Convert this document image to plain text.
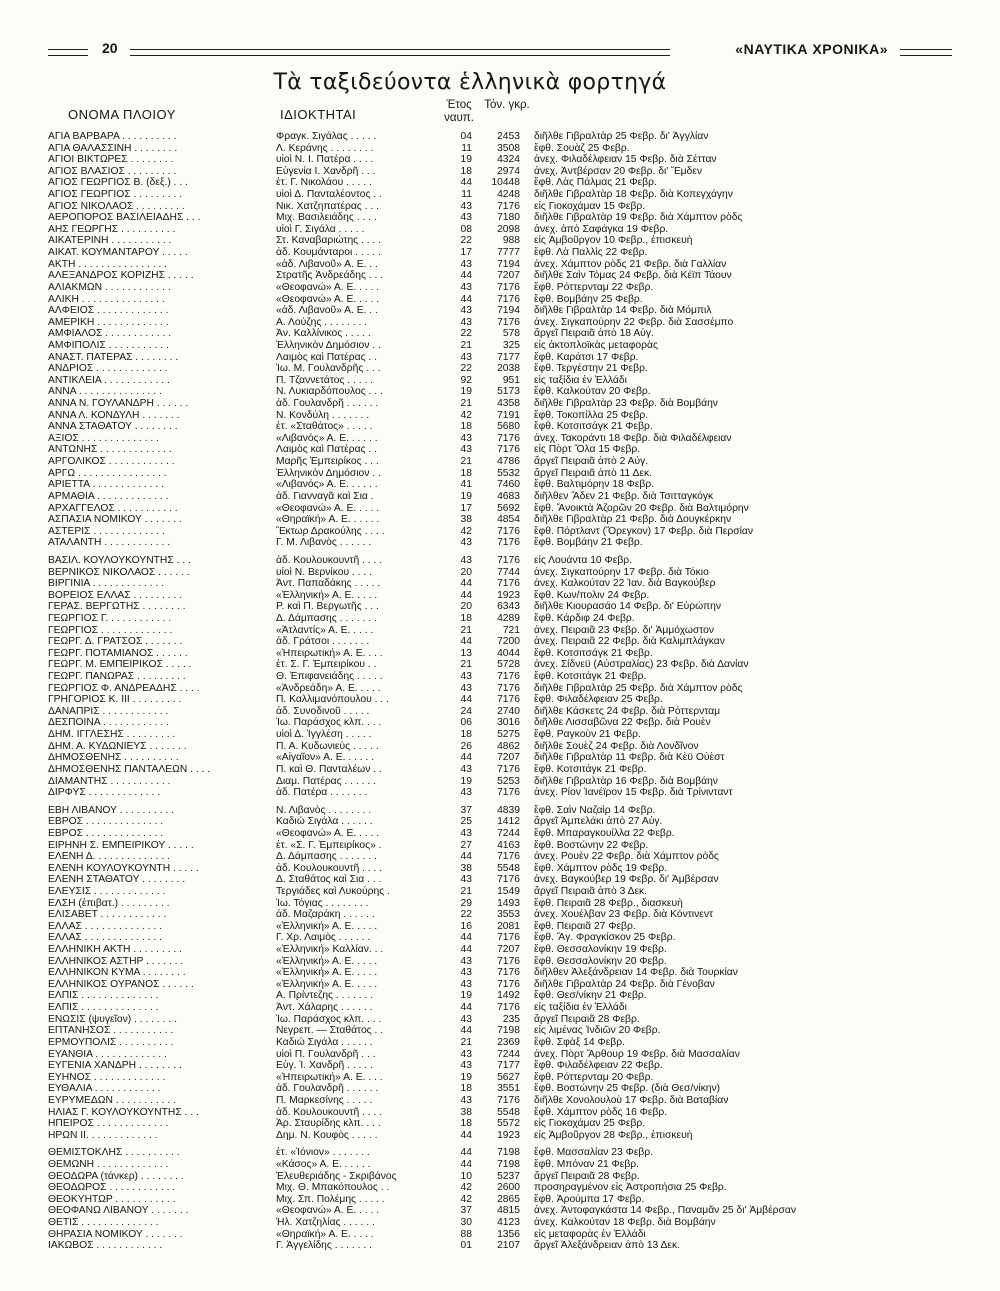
20	«ΝΑΥΤΙΚΑ ΧΡΟΝΙΚΑ»
Τὰ ταξιδεύοντα ἑλληνικὰ φορτηγά
ΟΝΟΜΑ ΠΛΟΙΟΥ	ΙΔΙΟΚΤΗΤΑΙ
Έτος ναυπ.
Τόν. γκρ.
ΑΓΙΑ ΒΑΡΒΑΡΑ . . . . . . . . . .	Φραγκ. Σιγάλας . . . . .	04	2453 διῆλθε Γιβραλτὰρ 25 Φεβρ. δι' Ἀγγλίαν
ΑΓΙΑ ΘΑΛΑΣΣΙΝΗ . . . . . . . .	Λ. Κεράνης . . . . . . . .	11	3508 ἔφθ. Σουὰζ 25 Φεβρ.
ΑΓΙΟΙ ΒΙΚΤΩΡΕΣ . . . . . . . .	υἱοὶ Ν. Ι. Πατέρα . . . .	19	4324 ἀνεχ. Φιλαδέλφειαν 15 Φεβρ. διὰ Σέτταν
ΑΓΙΟΣ ΒΛΑΣΙΟΣ . . . . . . . . .	Εὐγενία Ι. Χανδρῆ . . .	18	2974 ἀνεχ. Ἀντβέρσαν 20 Φεβρ. δι' Ἔμδεν
ΑΓΙΟΣ ΓΕΩΡΓΙΟΣ Β. (δεξ.) . . .	ἑτ. Γ. Νικολάου . . . . .	44	10448 ἔφθ. Λὰς Πάλμας 21 Φεβρ.
ΑΓΙΟΣ ΓΕΩΡΓΙΟΣ . . . . . . . . .	υἱοὶ Δ. Πανταλέοντος . .	11	4248 διῆλθε Γιβραλτὰρ 18 Φεβρ. διὰ Κοπεγχάγην
ΑΓΙΟΣ ΝΙΚΟΛΑΟΣ . . . . . . . . .	Νικ. Χατζηπατέρας . . .	43	7176 εἰς Γιοκοχάμαν 15 Φεβρ.
ΑΕΡΟΠΟΡΟΣ ΒΑΣΙΛΕΙΑΔΗΣ . . .	Μιχ. Βασιλειάδης . . . .	43	7180 διῆλθε Γιβραλτὰρ 19 Φεβρ. διὰ Χάμπτον ρὸδς
ΑΗΣ ΓΕΩΡΓΗΣ . . . . . . . . . .	υἱοὶ Γ. Σιγάλα . . . . .	08	2098 ἀνεχ. ἀπὸ Σαφάγκα 19 Φεβρ.
ΑΙΚΑΤΕΡΙΝΗ . . . . . . . . . . .	Στ. Καναβαριώτης . . . .	22	988 εἰς Ἀμβοῦργον 10 Φεβρ., ἐπισκευὴ
ΑΙΚΑΤ. ΚΟΥΜΑΝΤΑΡΟΥ . . . . .	ἀδ. Κουμάνταροι . . . . .	17	7777 ἔφθ. Λὰ Παλλὶς 22 Φεβρ.
ΑΚΤΗ . . . . . . . . . . . . . . . .	«ἀδ. Λιβανοῦ» Α. Ε. . .	43	7194 ἀνεχ. Χάμπτον ρὸδς 21 Φεβρ. διὰ Γαλλίαν
ΑΛΕΞΑΝΔΡΟΣ ΚΟΡΙΖΗΣ . . . . .	Στρατῆς Ἀνδρεάδης . . .	44	7207 διῆλθε Σαὶν Τόμας 24 Φεβρ. διὰ Κέϊπ Τάουν
ΑΛΙΑΚΜΩΝ . . . . . . . . . . . .	«Θεοφανώ» Α. Ε. . . . .	43	7176 ἔφθ. Ρόττερνταμ 22 Φεβρ.
ΑΛΙΚΗ . . . . . . . . . . . . . . .	«Θεοφανώ» Α. Ε. . . . .	44	7176 ἔφθ. Βομβάην 25 Φεβρ.
ΑΛΦΕΙΟΣ . . . . . . . . . . . . .	«ἀδ. Λιβανοῦ» Α. Ε. . .	43	7194 διῆλθε Γιβραλτὰρ 14 Φεβρ. διὰ Μόμπιλ
ΑΜΕΡΙΚΗ . . . . . . . . . . . . .	Α. Λούζης . . . . . . . .	43	7176 ἀνεχ. Σιγκαπούρην 22 Φεβρ. διὰ Σασσέμπο
ΑΜΦΙΑΛΟΣ . . . . . . . . . . . .	Ἀν. Καλλίνικος . . . . .	22	578 ἄργεῖ Πειραιᾶ ἀπὸ 18 Αὐγ.
ΑΜΦΙΠΟΛΙΣ . . . . . . . . . . .	Ἑλληνικὸν Δημόσιον . .	21	325 εἰς ἀκτοπλοϊκὰς μεταφορὰς
ΑΝΑΣΤ. ΠΑΤΕΡΑΣ . . . . . . . .	Λαιμὸς καὶ Πατέρας . .	43	7177 ἔφθ. Καράτσι 17 Φεβρ.
ΑΝΔΡΙΟΣ . . . . . . . . . . . . .	Ἰω. Μ. Γουλανδρῆς . . .	22	2038 ἔφθ. Τεργέστην 21 Φεβρ.
ΑΝΤΙΚΛΕΙΑ . . . . . . . . . . . .	Π. Τζαννετάτος . . . . .	92	951 εἰς ταξίδια ἐν Ἑλλάδι
ΑΝΝΑ . . . . . . . . . . . . . . .	Ν. Λυκιαρδόπουλος . . .	19	5173 ἔφθ. Καλκούταν 20 Φεβρ.
ΑΝΝΑ Ν. ΓΟΥΛΑΝΔΡΗ . . . . . .	ἀδ. Γουλανδρῆ . . . . . .	21	4358 διῆλθε Γιβραλτὰρ 23 Φεβρ. διὰ Βομβάην
ΑΝΝΑ Λ. ΚΟΝΔΥΛΗ . . . . . . .	Ν. Κονδύλη . . . . . . .	42	7191 ἔφθ. Τοκοπίλλα 25 Φεβρ.
ΑΝΝΑ ΣΤΑΘΑΤΟΥ . . . . . . . .	ἑτ. «Σταθάτος» . . . . .	18	5680 ἔφθ. Κοτσιτσάγκ 21 Φεβρ.
ΑΞΙΟΣ . . . . . . . . . . . . . .	«Λιβανός» Α. Ε. . . . . .	43	7176 ἀνεχ. Τακοράντι 18 Φεβρ. διὰ Φιλαδέλφειαν
ΑΝΤΩΝΗΣ . . . . . . . . . . . . .	Λαιμὸς καὶ Πατέρας . .	43	7176 εἰς Πὸρτ Ὅλα 15 Φεβρ.
ΑΡΓΟΛΙΚΟΣ . . . . . . . . . . . .	Μαρῆς Ἐμπειρίκος . . .	21	4786 ἄργεῖ Πειραιᾶ ἀπὸ 2 Αὐγ.
ΑΡΓΩ . . . . . . . . . . . . . . . .	Ἑλληνικὸν Δημόσιον . .	18	5532 ἄργεῖ Πειραιᾶ ἀπὸ 11 Δεκ.
ΑΡΙΕΤΤΑ . . . . . . . . . . . . .	«Λιβανός» Α. Ε. . . . . .	41	7460 ἔφθ. Βαλτιμόρην 18 Φεβρ.
ΑΡΜΑΘΙΑ . . . . . . . . . . . . .	ἀδ. Γιανναγᾶ καὶ Σια .	19	4683 διῆλθεν Ἄδεν 21 Φεβρ. διὰ Τσιτταγκόγκ
ΑΡΧΑΓΓΕΛΟΣ . . . . . . . . . . .	«Θεοφανώ» Α. Ε. . . . .	17	5692 ἔφθ. Ἄνοικτὰ Ἀζορῶν 20 Φεβρ. διὰ Βαλτιμόρην
ΑΣΠΑΣΙΑ ΝΟΜΙΚΟΥ . . . . . . .	«Θηραϊκή» Α. Ε. . . . . .	38	4854 διῆλθε Γιβραλτὰρ 21 Φεβρ. διὰ Δουγκέρκην
ΑΣΤΕΡΙΣ . . . . . . . . . . . . .	Ἕκτωρ Δρακούλης . . . .	42	7176 ἔφθ. Πόρτλαντ (Ὄρεγκον) 17 Φεβρ. διὰ Περσίαν
ΑΤΑΛΑΝΤΗ . . . . . . . . . . . .	Γ. Μ. Λιβανὸς . . . . . .	43	7176 ἔφθ. Βομβάην 21 Φεβρ.
ΒΑΣΙΛ. ΚΟΥΛΟΥΚΟΥΝΤΗΣ . . .	ἀδ. Κουλουκουντῆ . . . .	43	7176 εἰς Λουάντα 10 Φεβρ.
ΒΕΡΝΙΚΟΣ ΝΙΚΟΛΑΟΣ . . . . . .	υἱοὶ Ν. Βερνίκου . . . .	20	7744 ἀνεχ. Σιγκαπούρην 17 Φεβρ. διὰ Τόκιο
ΒΙΡΓΙΝΙΑ . . . . . . . . . . . . .	Ἀντ. Παπαδάκης . . . . .	44	7176 ἀνεχ. Καλκούταν 22 Ἰαν. διὰ Βαγκούβερ
ΒΟΡΕΙΟΣ ΕΛΛΑΣ . . . . . . . . .	«Ἑλληνική» Α. Ε. . . . .	44	1923 ἔφθ. Κων/πολιν 24 Φεβρ.
ΓΕΡΑΣ. ΒΕΡΓΩΤΗΣ . . . . . . . .	Ρ. καὶ Π. Βεργωτῆς . . .	20	6343 διῆλθε Κιουρασάο 14 Φεβρ. δι' Εὐρώπην
ΓΕΩΡΓΙΟΣ Γ. . . . . . . . . . . .	Δ. Δάμπασης . . . . . . .	18	4289 ἔφθ. Κάρδιφ 24 Φεβρ.
ΓΕΩΡΓΙΟΣ . . . . . . . . . . . . .	«Ἀτλαντίς» Α. Ε. . . . .	21	721 ἀνεχ. Πειραιᾶ 23 Φεβρ. δι' Ἀμμόχωστον
ΓΕΩΡΓ. Δ. ΓΡΑΤΣΟΣ . . . . . . .	ἀδ. Γράτσοι . . . . . . .	44	7200 ἀνεχ. Πειραιᾶ 22 Φεβρ. διὰ Καλιμπλάγκαν
ΓΕΩΡΓ. ΠΟΤΑΜΙΑΝΟΣ . . . . . .	«Ἠπειρωτική» Α. Ε. . . .	13	4044 ἔφθ. Κοτσιτσάγκ 21 Φεβρ.
ΓΕΩΡΓ. Μ. ΕΜΠΕΙΡΙΚΟΣ . . . . .	ἑτ. Σ. Γ. Ἐμπειρίκου . .	21	5728 ἀνεχ. Σίδνεϋ (Αὐστραλίας) 23 Φεβρ. διὰ Δανίαν
ΓΕΩΡΓ. ΠΑΝΩΡΑΣ . . . . . . . . .	Θ. Ἐπιφανειάδης . . . . .	43	7176 ἔφθ. Κοτσιτάγκ 21 Φεβρ.
ΓΕΩΡΓΙΟΣ Φ. ΑΝΔΡΕΑΔΗΣ . . . .	«Ἀνδρεάδη» Α. Ε. . . . .	43	7176 διῆλθε Γιβραλτὰρ 25 Φεβρ. διὰ Χάμπτον ρὸδς
ΓΡΗΓΟΡΙΟΣ Κ. ΙΙΙ . . . . . . . . .	Π. Καλλιμανόπουλου . . .	44	7176 ἔφθ. Φιλαδέλφειαν 25 Φεβρ.
ΔΑΝΑΠΡΙΣ . . . . . . . . . . . .	ἀδ. Συνοδινοῦ . . . . .	24	2740 διῆλθε Κάσκετς 24 Φεβρ. διὰ Ρόττερνταμ
ΔΕΣΠΟΙΝΑ . . . . . . . . . . . .	Ἰω. Παράσχος κλπ. . . .	06	3016 διῆλθε Λισσαβῶνα 22 Φεβρ. διὰ Ρουὲν
ΔΗΜ. ΙΓΓΛΕΣΗΣ . . . . . . . . .	υἱοὶ Δ. Ἰγγλέση . . . . .	18	5275 ἔφθ. Ραγκοὺν 21 Φεβρ.
ΔΗΜ. Α. ΚΥΔΩΝΙΕΥΣ . . . . . . .	Π. Α. Κυδωνιεὺς . . . . .	26	4862 διῆλθε Σουὲζ 24 Φεβρ. διὰ Λονδῖνον
ΔΗΜΟΣΘΕΝΗΣ . . . . . . . . . .	«Αἰγαῖον» Α. Ε. . . . . .	44	7207 διῆλθε Γιβραλτὰρ 11 Φεβρ. διὰ Κὲϋ Οὐὲστ
ΔΗΜΟΣΘΕΝΗΣ ΠΑΝΤΑΛΕΩΝ . . . .	Π. καὶ Θ. Πανταλέων . .	43	7176 ἔφθ. Κοτσιτάγκ 21 Φεβρ.
ΔΙΑΜΑΝΤΗΣ . . . . . . . . . . .	Διαμ. Πατέρας . . . . . .	19	5253 διῆλθε Γιβραλτὰρ 16 Φεβρ. διὰ Βομβάην
ΔΙΡΦΥΣ . . . . . . . . . . . . .	ἀδ. Πατέρα . . . . . . .	43	7176 ἀνεχ. Ρίον Ἰανέϊρον 15 Φεβρ. διὰ Τρίνινταντ
ΕΒΗ ΛΙΒΑΝΟΥ . . . . . . . . . .	Ν. Λιβανὸς . . . . . . . .	37	4839 ἔφθ. Σαὶν Ναζαὶρ 14 Φεβρ.
ΕΒΡΟΣ . . . . . . . . . . . . . .	Καδιώ Σιγάλα . . . . . .	25	1412 ἄργεῖ Ἀμπελάκι ἀπὸ 27 Αὐγ.
ΕΒΡΟΣ . . . . . . . . . . . . . .	«Θεοφανώ» Α. Ε. . . . .	43	7244 ἔφθ. Μπαραγκουίλλα 22 Φεβρ.
ΕΙΡΗΝΗ Σ. ΕΜΠΕΙΡΙΚΟΥ . . . . .	ἑτ. «Σ. Γ. Ἐμπειρίκος» .	27	4163 ἔφθ. Βοστώνην 22 Φεβρ.
ΕΛΕΝΗ Δ. . . . . . . . . . . . . .	Δ. Δάμπασης . . . . . . .	44	7176 ἀνεχ. Ρουὲν 22 Φεβρ. διὰ Χάμπτον ρὸδς
ΕΛΕΝΗ ΚΟΥΛΟΥΚΟΥΝΤΗ . . . . .	ἀδ. Κουλουκουντῆ . . . .	38	5548 ἔφθ. Χάμπτον ρὸδς 19 Φεβρ.
ΕΛΕΝΗ ΣΤΑΘΑΤΟΥ . . . . . . . .	Δ. Σταθάτος καὶ Σια . . .	43	7176 ἀνεχ. Βαγκούβερ 19 Φεβρ. δι' Ἀμβέρσαν
ΕΛΕΥΣΙΣ . . . . . . . . . . . . .	Τεργιάδες καὶ Λυκούρης .	21	1549 ἄργεῖ Πειραιᾶ ἀπὸ 3 Δεκ.
ΕΛΣΗ (ἐπιβατ.) . . . . . . . . .	Ἰω. Τόγιας . . . . . . . .	29	1493 ἔφθ. Πειραιᾶ 28 Φεβρ., διασκευὴ
ΕΛΙΣΑΒΕΤ . . . . . . . . . . . .	ἀδ. Μαζαράκη . . . . . .	22	3553 ἀνεχ. Χουέλβαν 23 Φεβρ. διὰ Κόντινεντ
ΕΛΛΑΣ . . . . . . . . . . . . . .	«Ἑλληνική» Α. Ε. . . . .	16	2081 ἔφθ. Πειραιᾶ 27 Φεβρ.
ΕΛΛΑΣ . . . . . . . . . . . . . .	Γ. Χρ. Λαιμὸς . . . . . .	44	7176 ἔφθ. Ἅγ. Φραγκίσκον 25 Φεβρ.
ΕΛΛΗΝΙΚΗ ΑΚΤΗ . . . . . . . . .	«Ἑλληνική» Καλλίαν. . .	44	7207 ἔφθ. Θεσσαλονίκην 19 Φεβρ.
ΕΛΛΗΝΙΚΟΣ ΑΣΤΗΡ . . . . . . .	«Ἑλληνική» Α. Ε. . . . .	43	7176 ἔφθ. Θεσσαλονίκην 20 Φεβρ.
ΕΛΛΗΝΙΚΟΝ ΚΥΜΑ . . . . . . . .	«Ἑλληνική» Α. Ε. . . . .	43	7176 διῆλθεν Ἀλεξάνδρειαν 14 Φεβρ. διὰ Τουρκίαν
ΕΛΛΗΝΙΚΟΣ ΟΥΡΑΝΟΣ . . . . . .	«Ἑλληνική» Α. Ε. . . . .	43	7176 διῆλθε Γιβραλτὰρ 24 Φεβρ. διὰ Γένοβαν
ΕΛΠΙΣ . . . . . . . . . . . . . .	Α. Πρίντεζης . . . . . . .	19	1492 ἔφθ. Θεσ/νίκην 21 Φεβρ.
ΕΛΠΙΣ . . . . . . . . . . . . . .	Ἀντ. Χάλαρης . . . . . .	44	7176 εἰς ταξίδια ἐν Ἑλλάδι
ΕΝΩΣΙΣ (ψυγεῖον) . . . . . . . .	Ἰω. Παράσχος κλπ. . . .	43	235 ἄργεῖ Πειραιᾶ 28 Φεβρ.
ΕΠΤΑΝΗΣΟΣ . . . . . . . . . . .	Νεγρεπ. — Σταθάτος . .	44	7198 εἰς λιμένας Ἰνδιῶν 20 Φεβρ.
ΕΡΜΟΥΠΟΛΙΣ . . . . . . . . . .	Καδιώ Σιγάλα . . . . . .	21	2369 ἔφθ. Σφὰξ 14 Φεβρ.
ΕΥΑΝΘΙΑ . . . . . . . . . . . . .	υἱοὶ Π. Γουλανδρῆ . . .	43	7244 ἀνεχ. Πὸρτ Ἄρθουρ 19 Φεβρ. διὰ Μασσαλίαν
ΕΥΓΕΝΙΑ ΧΑΝΔΡΗ . . . . . . . .	Εὐγ. Ἰ. Χανδρῆ . . . . .	43	7177 ἔφθ. Φιλαδέλφειαν 22 Φεβρ.
ΕΥΗΝΟΣ . . . . . . . . . . . . .	«Ἠπειρωτική» Α. Ε. . . .	19	5627 ἔφθ. Ρόττερνταμ 20 Φεβρ.
ΕΥΘΑΛΙΑ . . . . . . . . . . . .	ἀδ. Γουλανδρῆ . . . . . .	18	3551 ἔφθ. Βοστώνην 25 Φεβρ. (διὰ Θεσ/νίκην)
ΕΥΡΥΜΕΔΩΝ . . . . . . . . . . .	Π. Μαρκεσίνης . . . . .	43	7176 διῆλθε Χονολουλοὺ 17 Φεβρ. διὰ Βαταβίαν
ΗΛΙΑΣ Γ. ΚΟΥΛΟΥΚΟΥΝΤΗΣ . . .	ἀδ. Κουλουκουντῆ . . . .	38	5548 ἔφθ. Χάμπτον ρὸδς 16 Φεβρ.
ΗΠΕΙΡΟΣ . . . . . . . . . . . . .	Ἀρ. Σταυρίδης κλπ. . . .	18	5572 εἰς Γιοκοχάμαν 25 Φεβρ.
ΗΡΩΝ ΙΙ. . . . . . . . . . . . .	Δημ. Ν. Κουφὸς . . . . .	44	1923 εἰς Ἀμβοῦργον 28 Φεβρ., ἐπισκευὴ
ΘΕΜΙΣΤΟΚΛΗΣ . . . . . . . . . .	ἑτ. «Ἰόνιον» . . . . . . .	44	7198 ἔφθ. Μασσαλίαν 23 Φεβρ.
ΘΕΜΩΝΗ . . . . . . . . . . . . .	«Κάσος» Α. Ε. . . . . .	44	7198 ἔφθ. Μπόναν 21 Φεβρ.
ΘΕΟΔΩΡΑ (τάνκερ) . . . . . . . .	Ἐλευθεριάδης - Σκριβάνος	10	5237 ἄργεῖ Πειραιᾶ 28 Φεβρ.
ΘΕΟΔΩΡΟΣ . . . . . . . . . . . .	Μιχ. Θ. Μπακόπουλος . .	42	2600 προσηραγμένον εἰς Ἀστροπήσια 25 Φεβρ.
ΘΕΟΚΥΗΤΩΡ . . . . . . . . . . .	Μιχ. Σπ. Πολέμης . . . . .	42	2865 ἔφθ. Ἀρούμπα 17 Φεβρ.
ΘΕΟΦΑΝΩ ΛΙΒΑΝΟΥ . . . . . . .	«Θεοφανώ» Α. Ε. . . . .	37	4815 ἀνεχ. Ἀντοφαγκάστα 14 Φεβρ., Παναμᾶν 25 δι' Ἀμβέρσαν
ΘΕΤΙΣ . . . . . . . . . . . . . .	Ἠλ. Χατζηλίας . . . . . .	30	4123 ἀνεχ. Καλκούταν 18 Φεβρ. διὰ Βομβάην
ΘΗΡΑΣΙΑ ΝΟΜΙΚΟΥ . . . . . . .	«Θηραϊκή» Α. Ε. . . . .	88	1356 εἰς μεταφορὰς ἐν Ἑλλάδι
ΙΑΚΩΒΟΣ . . . . . . . . . . . .	Γ. Ἀγγελίδης . . . . . . .	01	2107 ἄργεῖ Ἀλεξάνδρειαν ἀπὸ 13 Δεκ.
